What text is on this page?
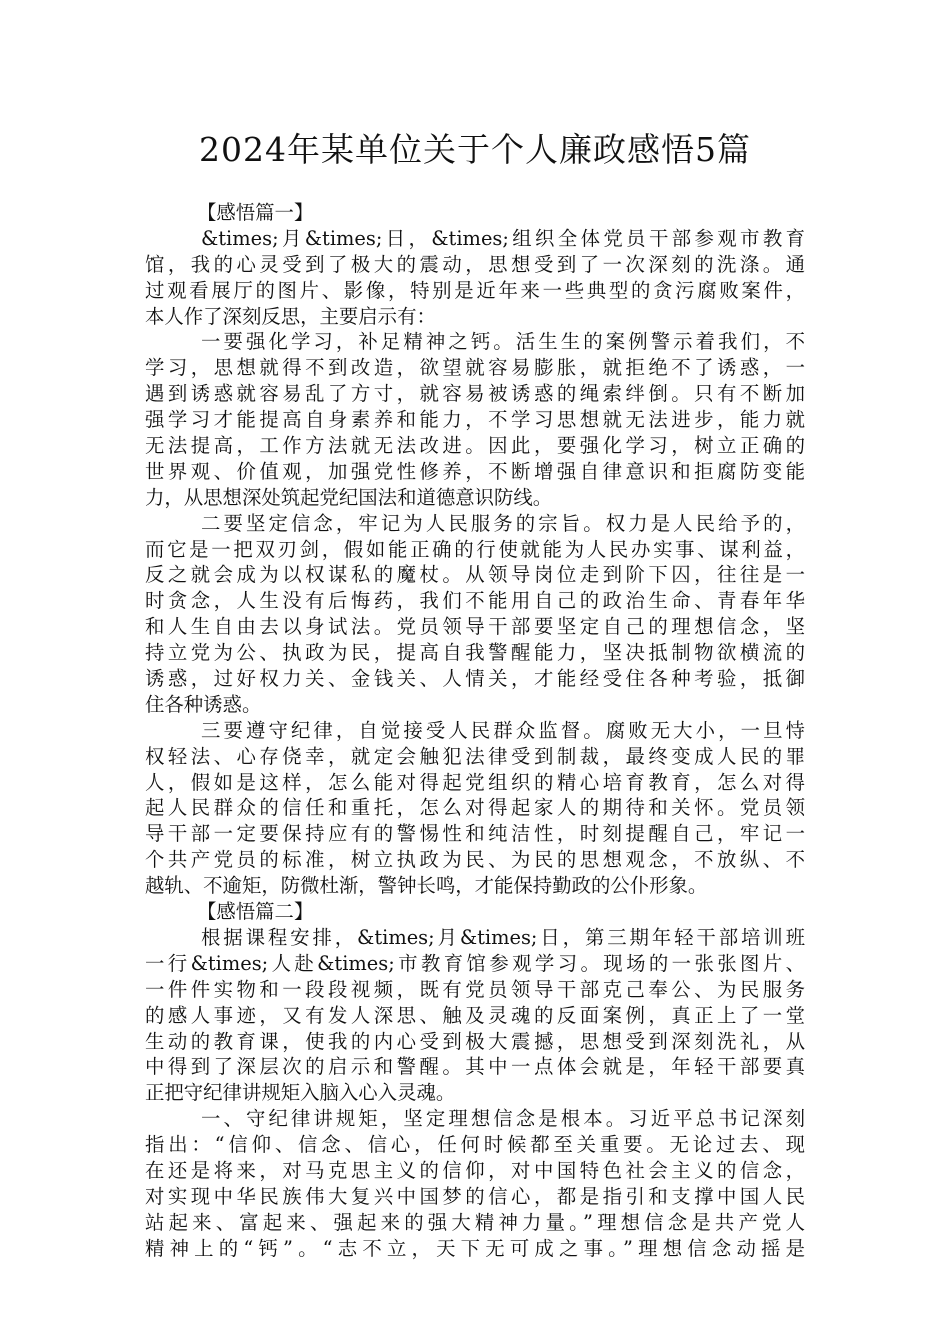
2024年某单位关于个人廉政感悟5篇
【感悟篇一】
&times;月&times;日，&times;组织全体党员干部参观市教育
馆，我的心灵受到了极大的震动，思想受到了一次深刻的洗涤。通
过观看展厅的图片、影像，特别是近年来一些典型的贪污腐败案件，
本人作了深刻反思，主要启示有：
一要强化学习，补足精神之钙。活生生的案例警示着我们，不
学习，思想就得不到改造，欲望就容易膨胀，就拒绝不了诱惑，一
遇到诱惑就容易乱了方寸，就容易被诱惑的绳索绊倒。只有不断加
强学习才能提高自身素养和能力，不学习思想就无法进步，能力就
无法提高，工作方法就无法改进。因此，要强化学习，树立正确的
世界观、价值观，加强党性修养，不断增强自律意识和拒腐防变能
力，从思想深处筑起党纪国法和道德意识防线。
二要坚定信念，牢记为人民服务的宗旨。权力是人民给予的，
而它是一把双刃剑，假如能正确的行使就能为人民办实事、谋利益，
反之就会成为以权谋私的魔杖。从领导岗位走到阶下囚，往往是一
时贪念，人生没有后悔药，我们不能用自己的政治生命、青春年华
和人生自由去以身试法。党员领导干部要坚定自己的理想信念，坚
持立党为公、执政为民，提高自我警醒能力，坚决抵制物欲横流的
诱惑，过好权力关、金钱关、人情关，才能经受住各种考验，抵御
住各种诱惑。
三要遵守纪律，自觉接受人民群众监督。腐败无大小，一旦恃
权轻法、心存侥幸，就定会触犯法律受到制裁，最终变成人民的罪
人，假如是这样，怎么能对得起党组织的精心培育教育，怎么对得
起人民群众的信任和重托，怎么对得起家人的期待和关怀。党员领
导干部一定要保持应有的警惕性和纯洁性，时刻提醒自己，牢记一
个共产党员的标准，树立执政为民、为民的思想观念，不放纵、不
越轨、不逾矩，防微杜渐，警钟长鸣，才能保持勤政的公仆形象。
【感悟篇二】
根据课程安排，&times;月&times;日，第三期年轻干部培训班
一行&times;人赴&times;市教育馆参观学习。现场的一张张图片、
一件件实物和一段段视频，既有党员领导干部克己奉公、为民服务
的感人事迹，又有发人深思、触及灵魂的反面案例，真正上了一堂
生动的教育课，使我的内心受到极大震撼，思想受到深刻洗礼，从
中得到了深层次的启示和警醒。其中一点体会就是，年轻干部要真
正把守纪律讲规矩入脑入心入灵魂。
一、守纪律讲规矩，坚定理想信念是根本。习近平总书记深刻
指出：“信仰、信念、信心，任何时候都至关重要。无论过去、现
在还是将来，对马克思主义的信仰，对中国特色社会主义的信念，
对实现中华民族伟大复兴中国梦的信心，都是指引和支撑中国人民
站起来、富起来、强起来的强大精神力量。”理想信念是共产党人
精神上的“钙”。“志不立，天下无可成之事。”理想信念动摇是
